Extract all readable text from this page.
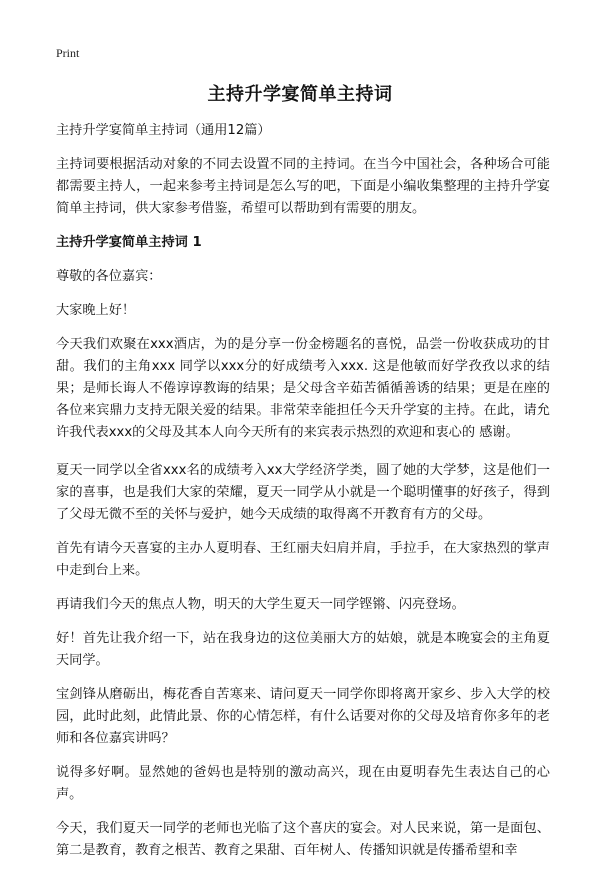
Print
主持升学宴简单主持词

主持升学宴简单主持词（通用12篇）

主持词要根据活动对象的不同去设置不同的主持词。在当今中国社会，各种场合可能都需要主持人，一起来参考主持词是怎么写的吧，下面是小编收集整理的主持升学宴简单主持词，供大家参考借鉴，希望可以帮助到有需要的朋友。

主持升学宴简单主持词 1

尊敬的各位嘉宾：

大家晚上好！

今天我们欢聚在xxx酒店，为的是分享一份金榜题名的喜悦，品尝一份收获成功的甘甜。我们的主角xxx 同学以xxx分的好成绩考入xxx. 这是他敏而好学孜孜以求的结果；是师长诲人不倦谆谆教诲的结果；是父母含辛茹苦循循善诱的结果；更是在座的各位来宾鼎力支持无限关爱的结果。非常荣幸能担任今天升学宴的主持。在此，请允许我代表xxx的父母及其本人向今天所有的来宾表示热烈的欢迎和衷心的 感谢。

夏天一同学以全省xxx名的成绩考入xx大学经济学类，圆了她的大学梦，这是他们一家的喜事，也是我们大家的荣耀，夏天一同学从小就是一个聪明懂事的好孩子，得到了父母无微不至的关怀与爱护，她今天成绩的取得离不开教育有方的父母。

首先有请今天喜宴的主办人夏明春、王红丽夫妇肩并肩，手拉手，在大家热烈的掌声中走到台上来。

再请我们今天的焦点人物，明天的大学生夏天一同学铿锵、闪亮登场。

好！首先让我介绍一下，站在我身边的这位美丽大方的姑娘，就是本晚宴会的主角夏天同学。

宝剑锋从磨砺出，梅花香自苦寒来、请问夏天一同学你即将离开家乡、步入大学的校园，此时此刻，此情此景、你的心情怎样，有什么话要对你的父母及培育你多年的老师和各位嘉宾讲吗？

说得多好啊。显然她的爸妈也是特别的激动高兴，现在由夏明春先生表达自己的心声。

今天，我们夏天一同学的老师也光临了这个喜庆的宴会。对人民来说，第一是面包、第二是教育，教育之根苦、教育之果甜、百年树人、传播知识就是传播希望和幸
